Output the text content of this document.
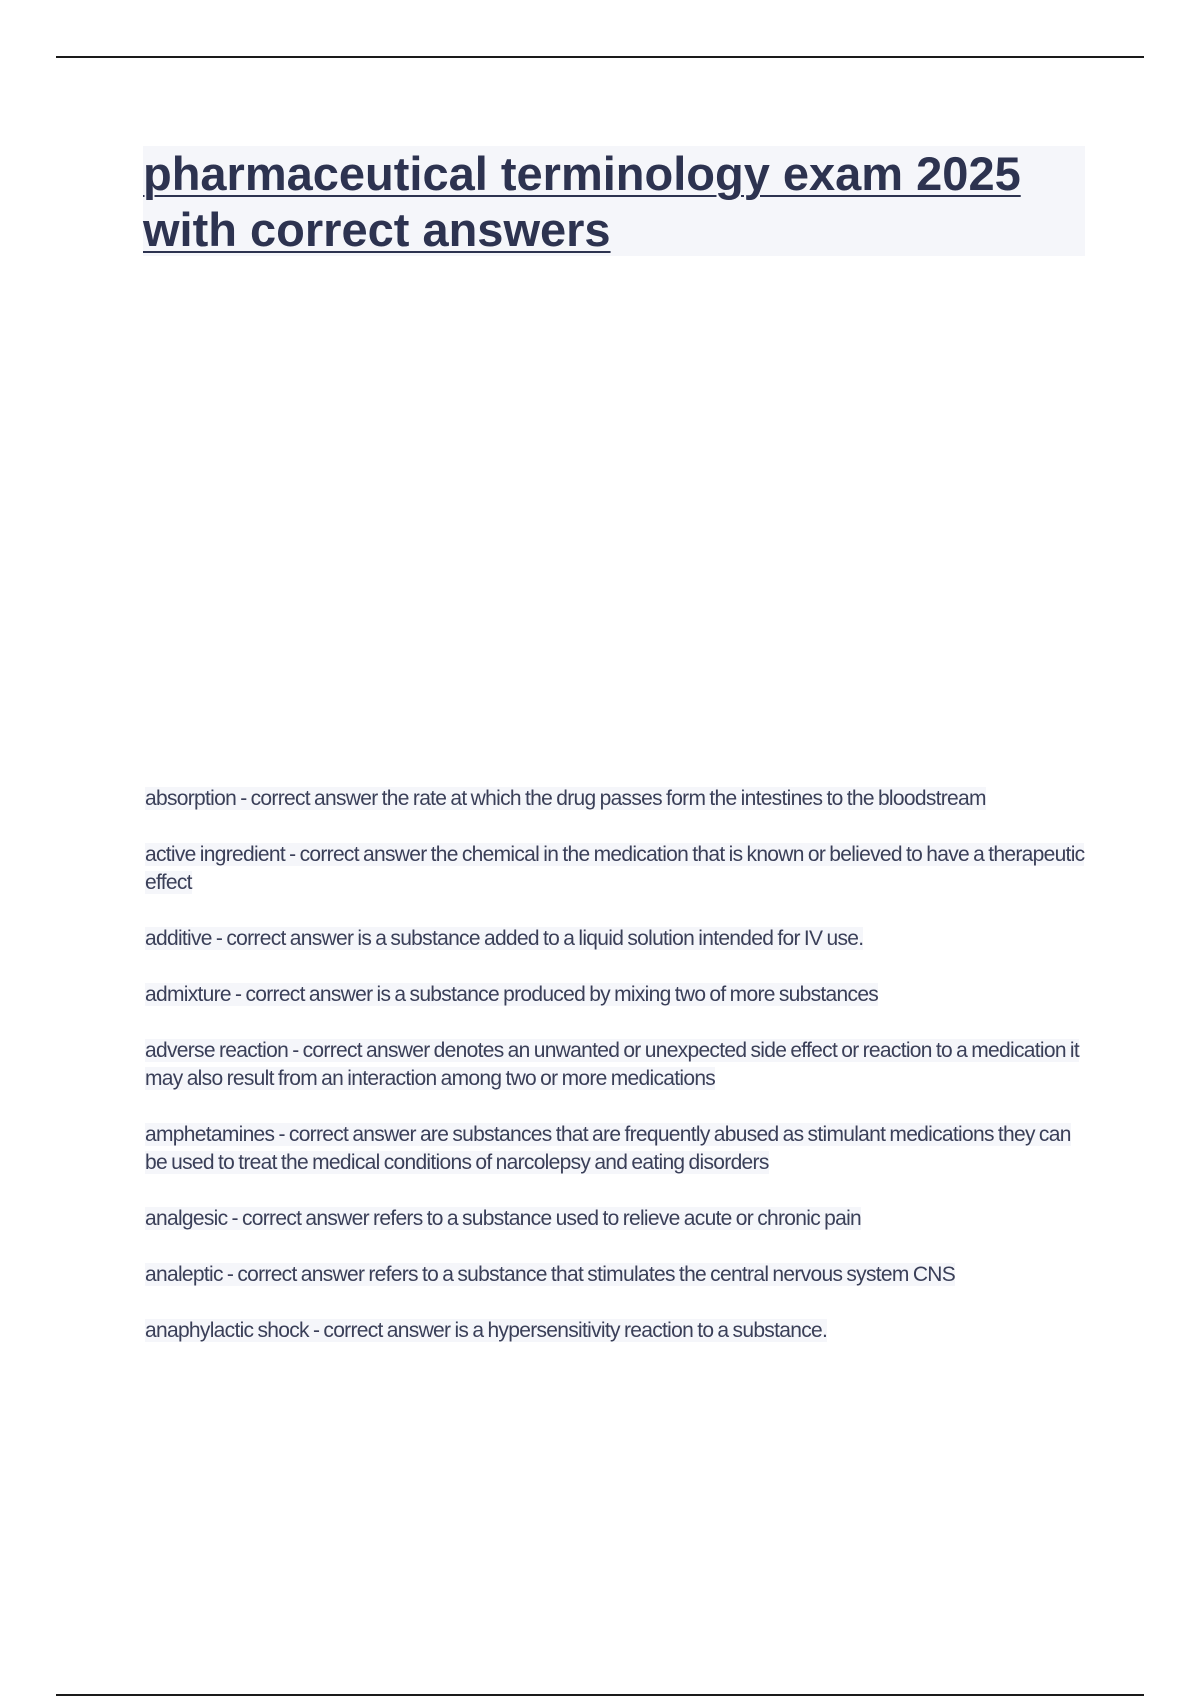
pharmaceutical terminology exam 2025 with correct answers

absorption - correct answer the rate at which the drug passes form the intestines to the bloodstream

active ingredient - correct answer the chemical in the medication that is known or believed to have a therapeutic effect

additive - correct answer is a substance added to a liquid solution intended for IV use.

admixture - correct answer is a substance produced by mixing two of more substances

adverse reaction - correct answer denotes an unwanted or unexpected side effect or reaction to a medication it may also result from an interaction among two or more medications

amphetamines - correct answer are substances that are frequently abused as stimulant medications they can be used to treat the medical conditions of narcolepsy and eating disorders

analgesic - correct answer refers to a substance used to relieve acute or chronic pain

analeptic - correct answer refers to a substance that stimulates the central nervous system CNS

anaphylactic shock - correct answer is a hypersensitivity reaction to a substance.
